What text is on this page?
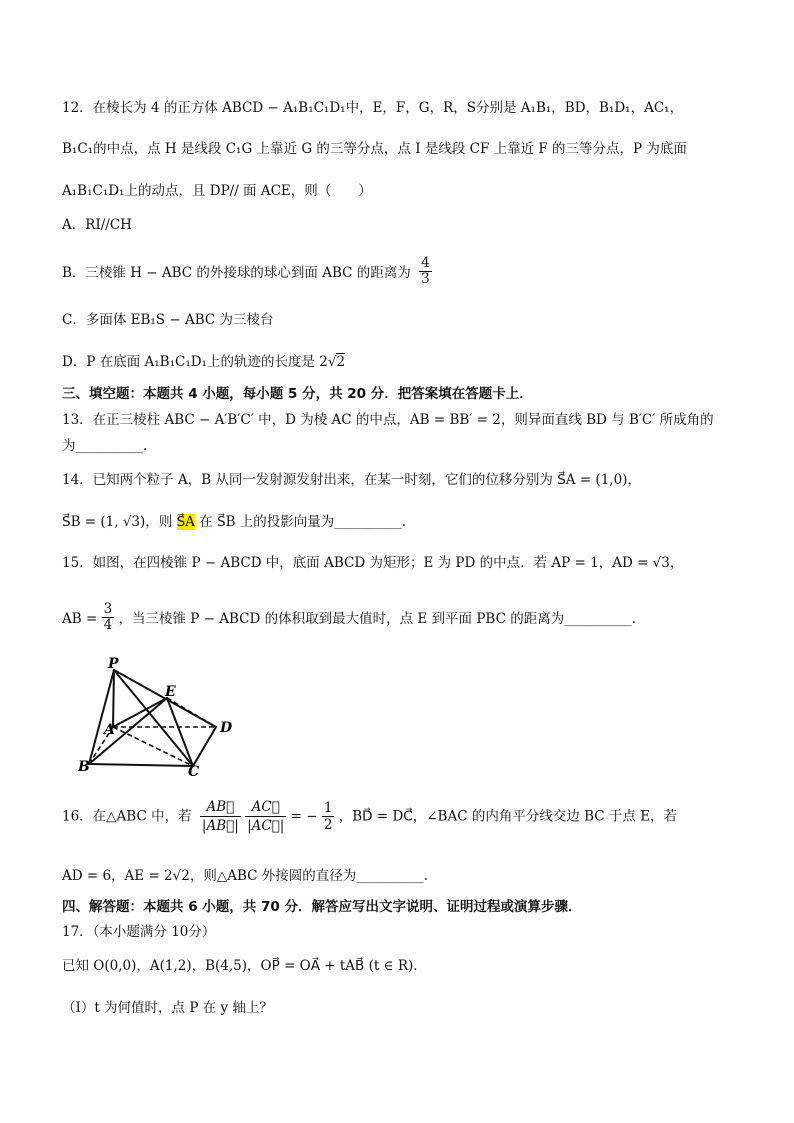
12．在棱长为 4 的正方体 ABCD − A₁B₁C₁D₁中，E，F，G，R，S分别是 A₁B₁，BD，B₁D₁，AC₁，
B₁C₁的中点，点 H 是线段 C₁G 上靠近 G 的三等分点，点 I 是线段 CF 上靠近 F 的三等分点，P 为底面
A₁B₁C₁D₁上的动点，且 DP// 面 ACE，则（　　）
A．RI//CH
B．三棱锥 H − ABC 的外接球的球心到面 ABC 的距离为 $\frac{4}{3}$
C．多面体 EB₁S − ABC 为三棱台
D．P 在底面 A₁B₁C₁D₁上的轨迹的长度是 2√2
三、填空题：本题共 4 小题，每小题 5 分，共 20 分．把答案填在答题卡上．
13．在正三棱柱 ABC − A′B′C′ 中，D 为棱 AC 的中点，AB = BB′ = 2，则异面直线 BD 与 B′C′ 所成角的
为__________.
14．已知两个粒子 A，B 从同一发射源发射出来，在某一时刻，它们的位移分别为 S⃗A = (1,0)，
S⃗B = (1, √3)，则 S⃗A 在 S⃗B 上的投影向量为__________.
15．如图，在四棱锥 P − ABCD 中，底面 ABCD 为矩形；E 为 PD 的中点．若 AP = 1，AD = √3，
AB = $\frac{3}{4}$ ，当三棱锥 P − ABCD 的体积取到最大值时，点 E 到平面 PBC 的距离为__________.
P
E
A	D
B	C
16．在△ABC 中，若 $\frac{AB⃗}{|AB⃗|}$
$\frac{AC⃗}{|AC⃗|}$ = − $\frac{1}{2}$ ，BD⃗ = DC⃗，∠BAC 的内角平分线交边 BC 于点 E，若
AD = 6，AE = 2√2，则△ABC 外接圆的直径为__________.
四、解答题：本题共 6 小题，共 70 分．解答应写出文字说明、证明过程或演算步骤．
17．（本小题满分 10分）
已知 O(0,0)，A(1,2)，B(4,5)，OP⃗ = OA⃗ + tAB⃗ (t ∈ R)．
（Ⅰ）t 为何值时，点 P 在 y 轴上？
